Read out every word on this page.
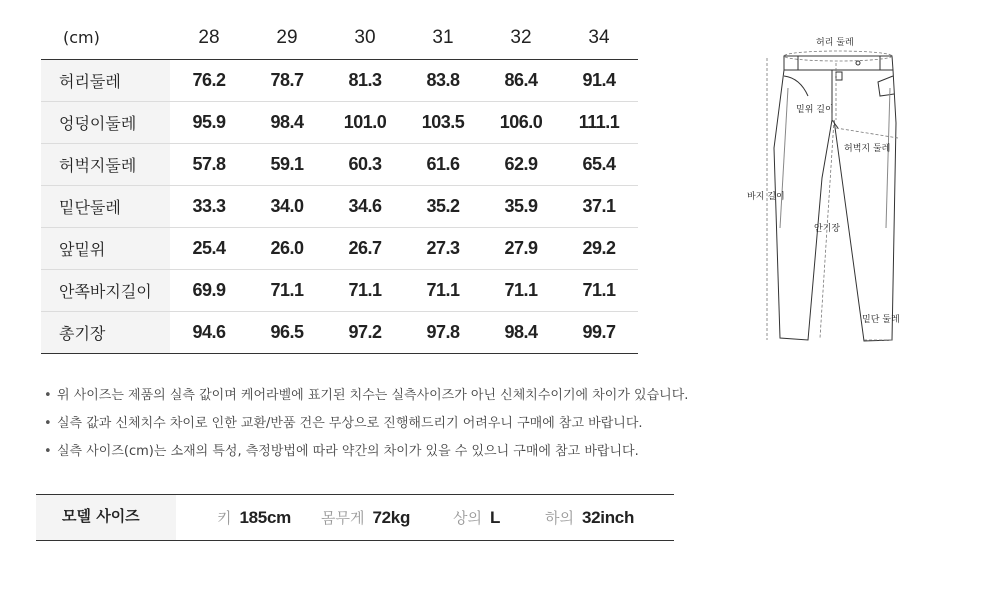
(cm)	28	29	30	31	32	34
허리둘레	76.2	78.7	81.3	83.8	86.4	91.4
엉덩이둘레	95.9	98.4	101.0	103.5	106.0	111.1
허벅지둘레	57.8	59.1	60.3	61.6	62.9	65.4
밑단둘레	33.3	34.0	34.6	35.2	35.9	37.1
앞밑위	25.4	26.0	26.7	27.3	27.9	29.2
안쪽바지길이	69.9	71.1	71.1	71.1	71.1	71.1
총기장	94.6	96.5	97.2	97.8	98.4	99.7
• 위 사이즈는 제품의 실측 값이며 케어라벨에 표기된 치수는 실측사이즈가 아닌 신체치수이기에 차이가 있습니다.
• 실측 값과 신체치수 차이로 인한 교환/반품 건은 무상으로 진행해드리기 어려우니 구매에 참고 바랍니다.
• 실측 사이즈(cm)는 소재의 특성, 측정방법에 따라 약간의 차이가 있을 수 있으니 구매에 참고 바랍니다.
모델 사이즈	키 185cm 몸무게 72kg	상의 L	하의 32inch
허리 둘레
밑위 길이
허벅지 둘레
바지 길이
안기장
밑단 둘레
